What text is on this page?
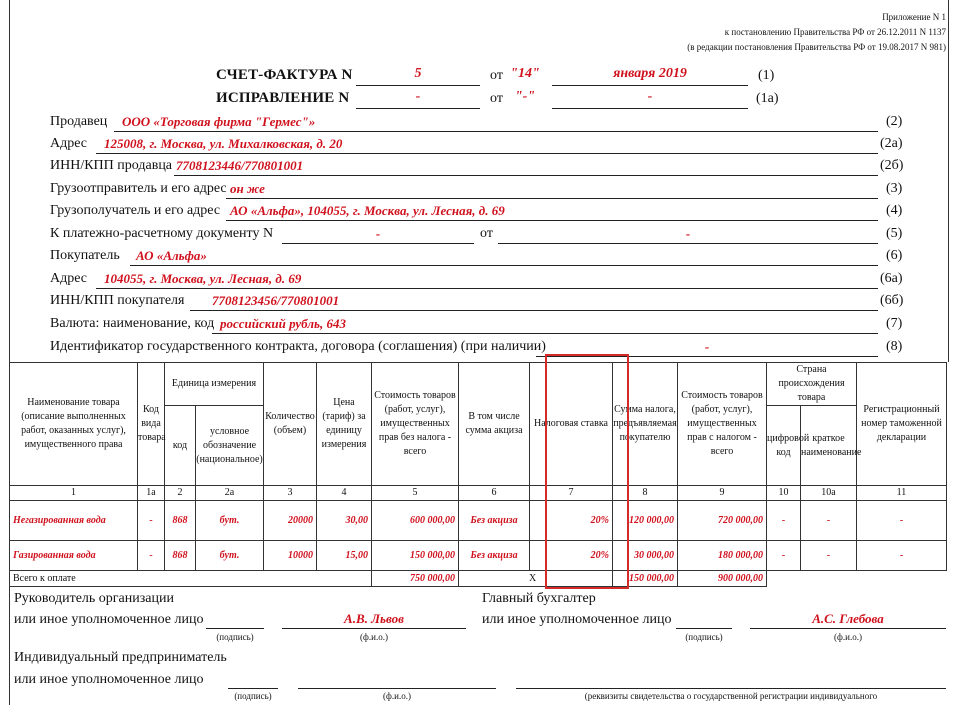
Приложение N 1
к постановлению Правительства РФ от 26.12.2011 N 1137
(в редакции постановления Правительства РФ от 19.08.2017 N 981)
СЧЕТ-ФАКТУРА N	5	от "14"	января 2019	(1)
ИСПРАВЛЕНИЕ N	-	от "-"	-	(1а)
Продавец ООО «Торговая фирма "Гермес"»	(2)
Адрес 125008, г. Москва, ул. Михалковская, д. 20	(2а)
ИНН/КПП продавца 7708123446/770801001	(2б)
Грузоотправитель и его адрес он же	(3)
Грузополучатель и его адрес АО «Альфа», 104055, г. Москва, ул. Лесная, д. 69	(4)
К платежно-расчетному документу N	-	от	-	(5)
Покупатель АО «Альфа»	(6)
Адрес 104055, г. Москва, ул. Лесная, д. 69	(6а)
ИНН/КПП покупателя 7708123456/770801001	(6б)
Валюта: наименование, код российский рубль, 643	(7)
Идентификатор государственного контракта, договора (соглашения) (при наличии)	-	(8)
Наименование товара (описание выполненных работ, оказанных услуг), имущественного права	Код вида товара	Единица измерения		Количество (объем)	Цена (тариф) за единицу измерения	Стоимость товаров (работ, услуг), имущественных прав без налога - всего	В том числе сумма акциза	Налоговая ставка	Сумма налога, предъявляемая покупателю	Стоимость товаров (работ, услуг), имущественных прав с налогом - всего	Страна происхождения товара		Регистрационный номер таможенной декларации
		код	условное обозначение (национальное)								цифровой код	краткое наименование	
1	1а	2	2а	3	4	5	6	7	8	9	10	10а	11
Негазированная вода	-	868	бут.	20000	30,00	600 000,00	Без акциза	20%	120 000,00	720 000,00	-	-	-
Газированная вода	-	868	бут.	10000	15,00	150 000,00	Без акциза	20%	30 000,00	180 000,00	-	-	-
Всего к оплате						750 000,00	X		150 000,00	900 000,00			
Руководитель организации
или иное уполномоченное лицо	А.В. Львов
(подпись)	(ф.и.о.)
Главный бухгалтер
или иное уполномоченное лицо	А.С. Глебова
(подпись)	(ф.и.о.)
Индивидуальный предприниматель
или иное уполномоченное лицо
(подпись)	(ф.и.о.)	(реквизиты свидетельства о государственной регистрации индивидуального
